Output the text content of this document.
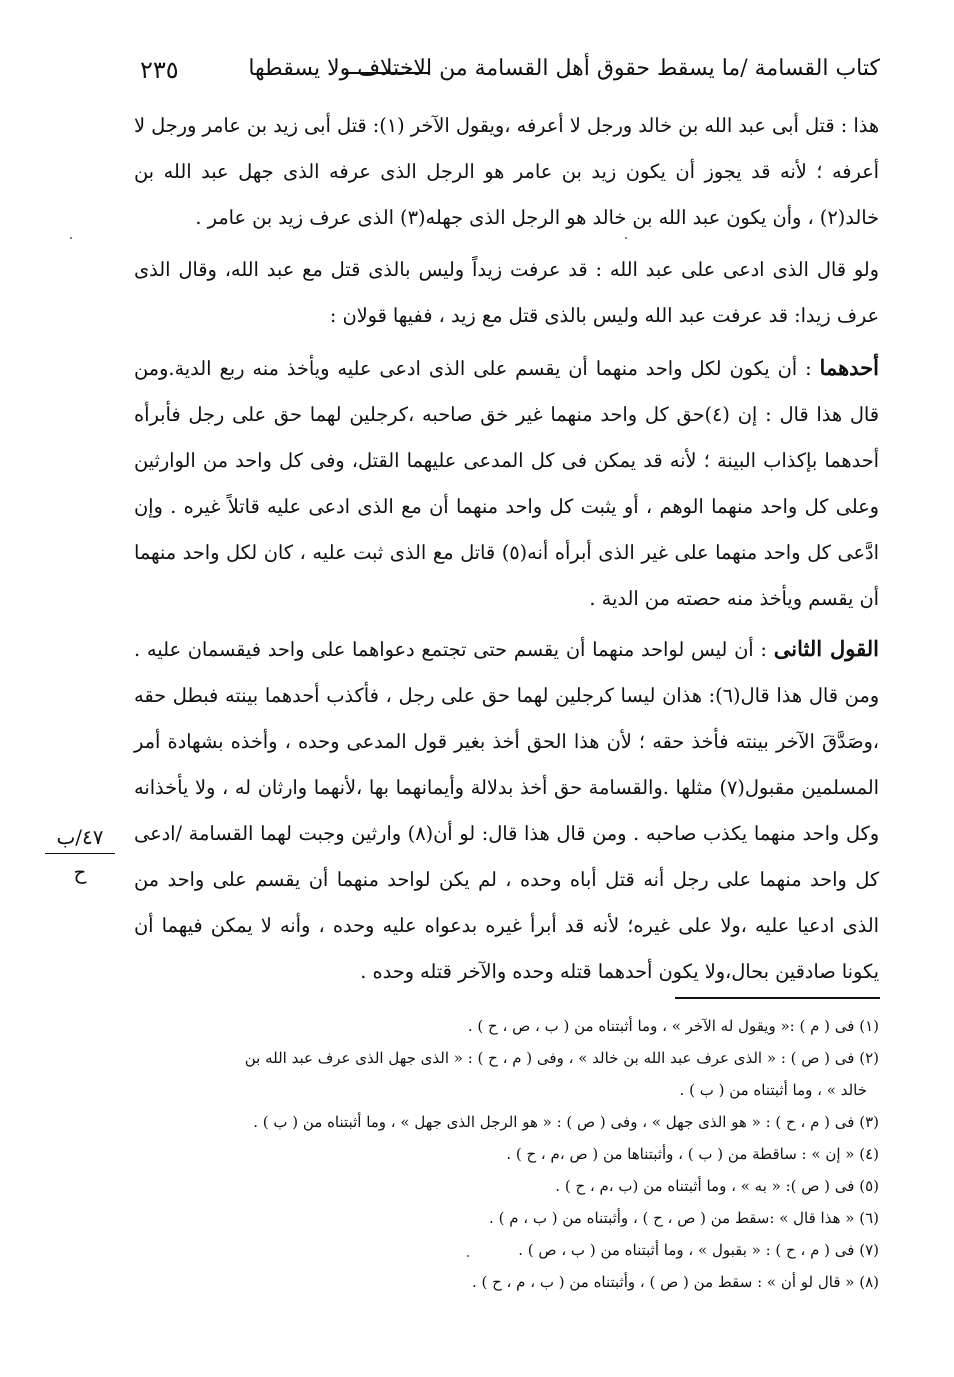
كتاب القسامة /ما يسقط حقوق أهل القسامة من الاختلاف ولا يسقطها
٢٣٥

هذا : قتل أبى عبد الله بن خالد ورجل لا أعرفه ،ويقول الآخر (١): قتل أبى زيد بن عامر ورجل لا أعرفه ؛ لأنه قد يجوز أن يكون زيد بن عامر هو الرجل الذى عرفه الذى جهل عبد الله بن خالد(٢) ، وأن يكون عبد الله بن خالد هو الرجل الذى جهله(٣) الذى عرف زيد بن عامر .

ولو قال الذى ادعى على عبد الله : قد عرفت زيداً وليس بالذى قتل مع عبد الله، وقال الذى عرف زيدا: قد عرفت عبد الله وليس بالذى قتل مع زيد ، ففيها قولان :

أحدهما : أن يكون لكل واحد منهما أن يقسم على الذى ادعى عليه ويأخذ منه ربع الدية.ومن قال هذا قال : إن (٤)حق كل واحد منهما غير خق صاحبه ،كرجلين لهما حق على رجل فأبرأه أحدهما بإكذاب البينة ؛ لأنه قد يمكن فى كل المدعى عليهما القتل، وفى كل واحد من الوارثين وعلى كل واحد منهما الوهم ، أو يثبت كل واحد منهما أن مع الذى ادعى عليه قاتلاً غيره . وإن ادَّعى كل واحد منهما على غير الذى أبرأه أنه(٥) قاتل مع الذى ثبت عليه ، كان لكل واحد منهما أن يقسم ويأخذ منه حصته من الدية .

القول الثانى : أن ليس لواحد منهما أن يقسم حتى تجتمع دعواهما على واحد فيقسمان عليه . ومن قال هذا قال(٦): هذان ليسا كرجلين لهما حق على رجل ، فأكذب أحدهما بينته فبطل حقه ،وصَدَّقَ الآخر بينته فأخذ حقه ؛ لأن هذا الحق أخذ بغير قول المدعى وحده ، وأخذه بشهادة أمر المسلمين مقبول(٧) مثلها .والقسامة حق أخذ بدلالة وأيمانهما بها ،لأنهما وارثان له ، ولا يأخذانه وكل واحد منهما يكذب صاحبه . ومن قال هذا قال: لو أن(٨) وارثين وجبت لهما القسامة /ادعى كل واحد منهما على رجل أنه قتل أباه وحده ، لم يكن لواحد منهما أن يقسم على واحد من الذى ادعيا عليه ،ولا على غيره؛ لأنه قد أبرأ غيره بدعواه عليه وحده ، وأنه لا يمكن فيهما أن يكونا صادقين بحال،ولا يكون أحدهما قتله وحده والآخر قتله وحده .

٤٧/ب
ح

(١) فى ( م ) :« ويقول له الآخر » ، وما أثبتناه من ( ب ، ص ، ح ) .

(٢) فى ( ص ) : « الذى عرف عبد الله بن خالد » ، وفى ( م ، ح ) : « الذى جهل الذى عرف عبد الله بن
خالد » ، وما أثبتناه من ( ب ) .

(٣) فى ( م ، ح ) : « هو الذى جهل » ، وفى ( ص ) : « هو الرجل الذى جهل » ، وما أثبتناه من ( ب ) .

(٤) « إن » : ساقطة من ( ب ) ، وأثبتناها من ( ص ،م ، ح ) .

(٥) فى ( ص ): « به » ، وما أثبتناه من (ب ،م ، ح ) .

(٦) « هذا قال » :سقط من ( ص ، ح ) ، وأثبتناه من ( ب ، م ) .

(٧) فى ( م ، ح ) : « بقبول » ، وما أثبتناه من ( ب ، ص ) .

(٨) « قال لو أن » : سقط من ( ص ) ، وأثبتناه من ( ب ، م ، ح ) .
